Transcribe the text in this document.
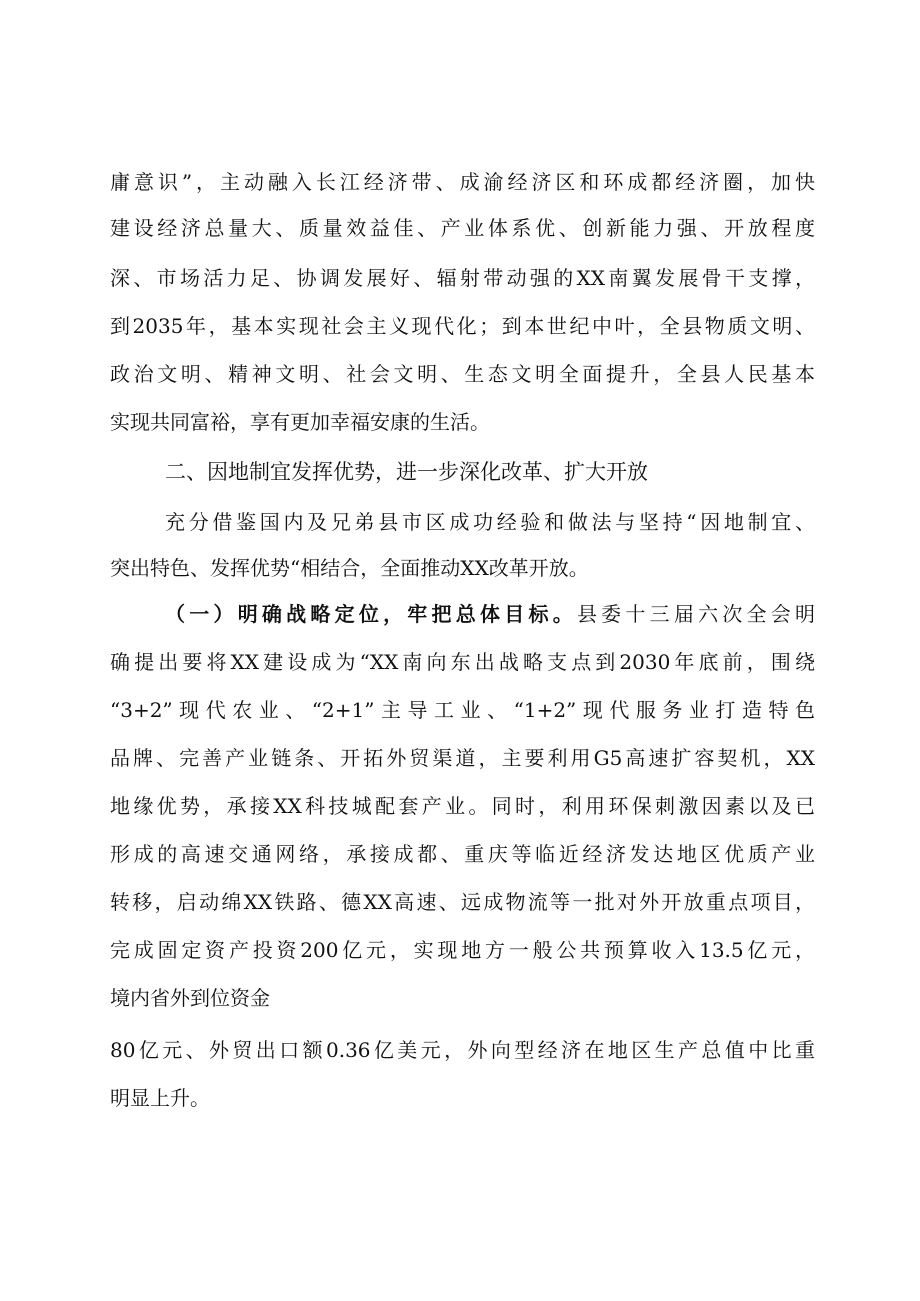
庸意识”，主动融入长江经济带、成渝经济区和环成都经济圈，加快
建设经济总量大、质量效益佳、产业体系优、创新能力强、开放程度
深、市场活力足、协调发展好、辐射带动强的XX南翼发展骨干支撑，
到2035年，基本实现社会主义现代化；到本世纪中叶，全县物质文明、
政治文明、精神文明、社会文明、生态文明全面提升，全县人民基本
实现共同富裕，享有更加幸福安康的生活。
二、因地制宜发挥优势，进一步深化改革、扩大开放
充分借鉴国内及兄弟县市区成功经验和做法与坚持“因地制宜、
突出特色、发挥优势“相结合，全面推动XX改革开放。
（一）明确战略定位，牢把总体目标。县委十三届六次全会明
确提出要将XX建设成为“XX南向东出战略支点到2030年底前，围绕
“3+2”现代农业、“2+1”主导工业、“1+2”现代服务业打造特色
品牌、完善产业链条、开拓外贸渠道，主要利用G5高速扩容契机，XX
地缘优势，承接XX科技城配套产业。同时，利用环保刺激因素以及已
形成的高速交通网络，承接成都、重庆等临近经济发达地区优质产业
转移，启动绵XX铁路、德XX高速、远成物流等一批对外开放重点项目，
完成固定资产投资200亿元，实现地方一般公共预算收入13.5亿元，
境内省外到位资金
80亿元、外贸出口额0.36亿美元，外向型经济在地区生产总值中比重
明显上升。
